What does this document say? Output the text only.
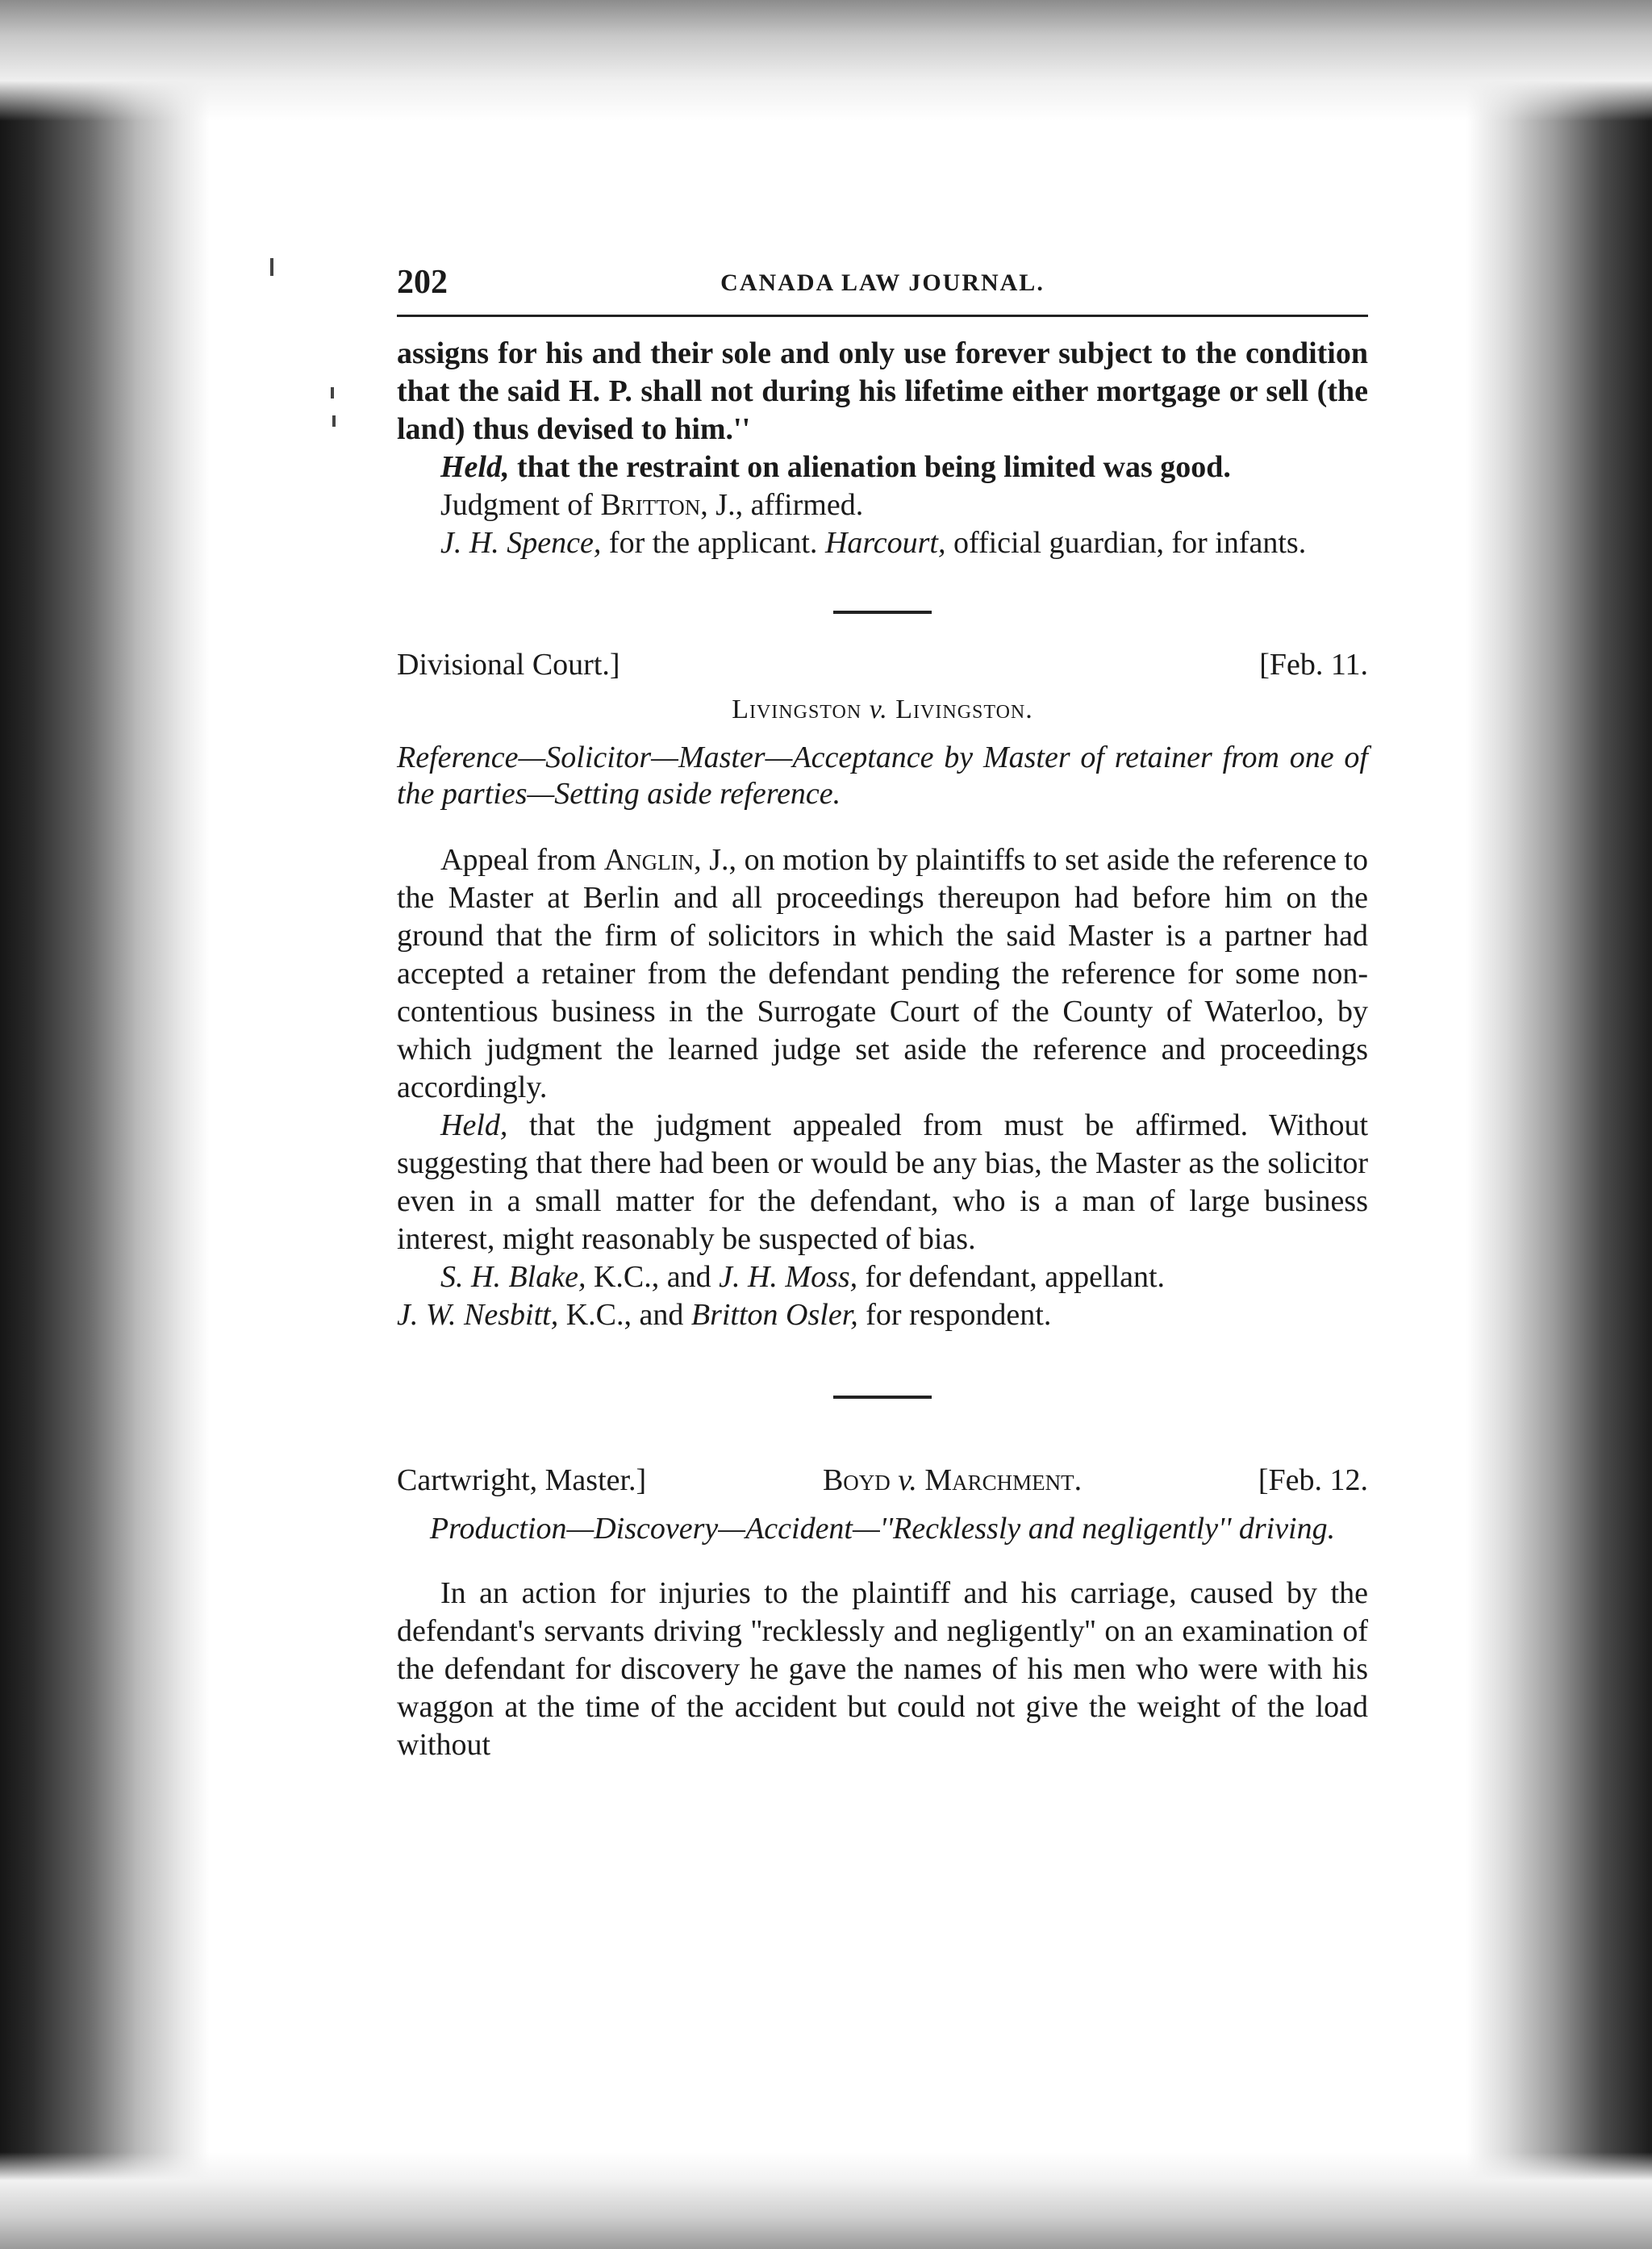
202	CANADA LAW JOURNAL.

assigns for his and their sole and only use forever subject to the condition that the said H. P. shall not during his lifetime either mortgage or sell (the land) thus devised to him.''

Held, that the restraint on alienation being limited was good.

Judgment of Britton, J., affirmed.

J. H. Spence, for the applicant. Harcourt, official guardian, for infants.

Divisional Court.]	[Feb. 11.
Livingston v. Livingston.
Reference—Solicitor—Master—Acceptance by Master of retainer from one of the parties—Setting aside reference.

Appeal from Anglin, J., on motion by plaintiffs to set aside the reference to the Master at Berlin and all proceedings thereupon had before him on the ground that the firm of solicitors in which the said Master is a partner had accepted a retainer from the defendant pending the reference for some non-contentious business in the Surrogate Court of the County of Waterloo, by which judgment the learned judge set aside the reference and proceedings accordingly.

Held, that the judgment appealed from must be affirmed. Without suggesting that there had been or would be any bias, the Master as the solicitor even in a small matter for the defendant, who is a man of large business interest, might reasonably be suspected of bias.

S. H. Blake, K.C., and J. H. Moss, for defendant, appellant.

J. W. Nesbitt, K.C., and Britton Osler, for respondent.

Cartwright, Master.]	Boyd v. Marchment.	[Feb. 12.
Production—Discovery—Accident—''Recklessly and negligently'' driving.

In an action for injuries to the plaintiff and his carriage, caused by the defendant's servants driving ''recklessly and negligently'' on an examination of the defendant for discovery he gave the names of his men who were with his waggon at the time of the accident but could not give the weight of the load without
